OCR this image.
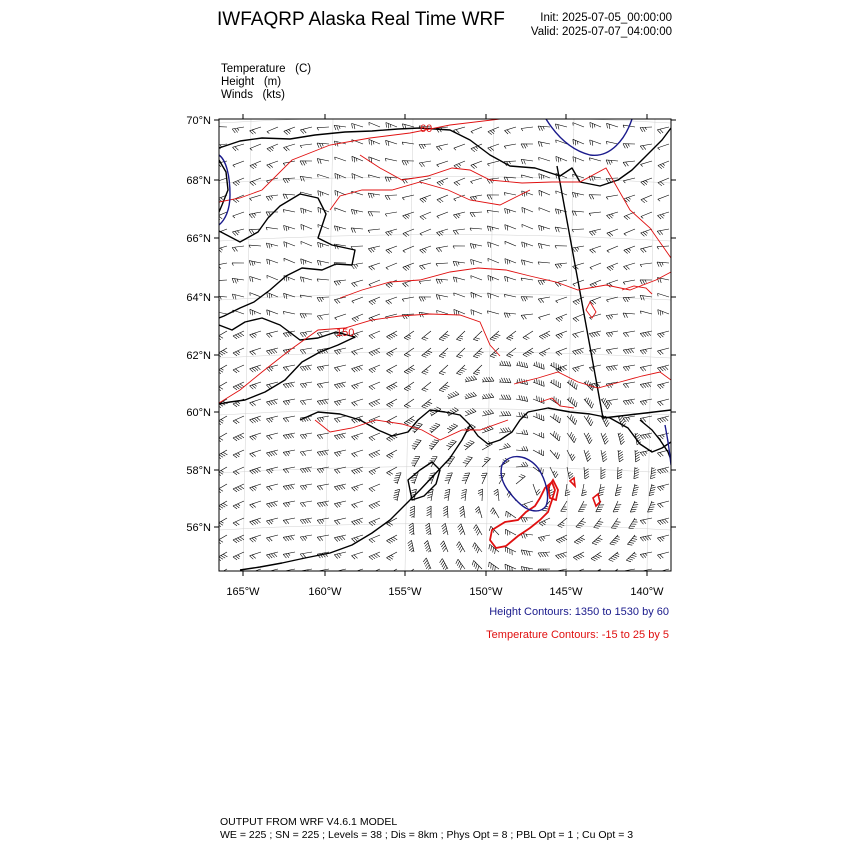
IWFAQRP Alaska Real Time WRF	Init: 2025-07-05_00:00:00
Valid: 2025-07-07_04:00:00
Temperature (C)
Height (m)
Winds (kts)
60
150
70°N
68°N
66°N
64°N
62°N
60°N
58°N
56°N
165°W	160°W	155°W	150°W	145°W	140°W
Height Contours: 1350 to 1530 by 60
Temperature Contours: -15 to 25 by 5
OUTPUT FROM WRF V4.6.1 MODEL
WE = 225 ; SN = 225 ; Levels = 38 ; Dis = 8km ; Phys Opt = 8 ; PBL Opt = 1 ; Cu Opt = 3
